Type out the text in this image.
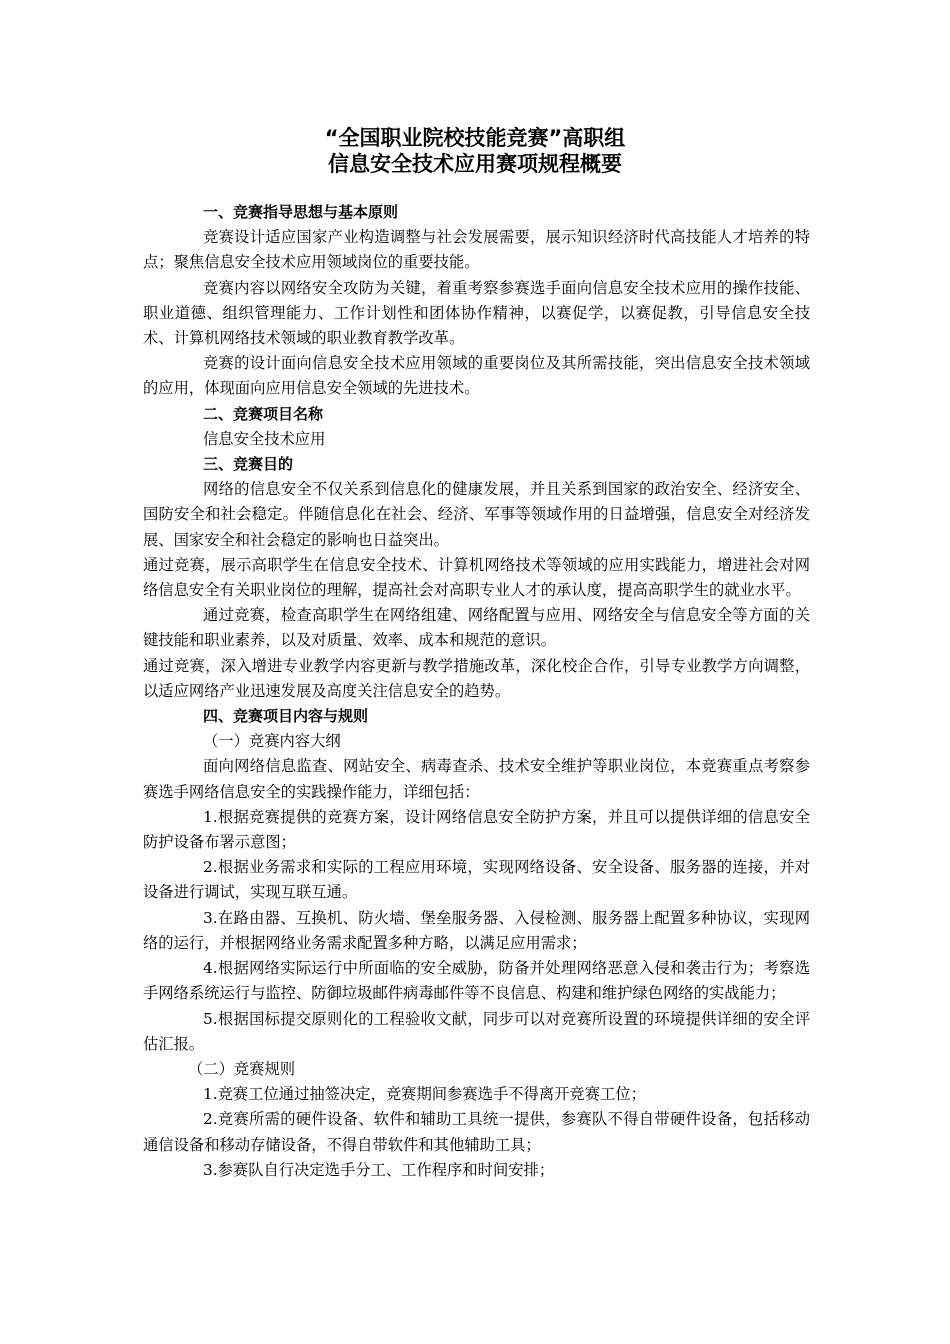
“全国职业院校技能竞赛”高职组
信息安全技术应用赛项规程概要

一、竞赛指导思想与基本原则

竞赛设计适应国家产业构造调整与社会发展需要，展示知识经济时代高技能人才培养的特点；聚焦信息安全技术应用领域岗位的重要技能。

竞赛内容以网络安全攻防为关键，着重考察参赛选手面向信息安全技术应用的操作技能、职业道德、组织管理能力、工作计划性和团体协作精神，以赛促学，以赛促教，引导信息安全技术、计算机网络技术领域的职业教育教学改革。

竞赛的设计面向信息安全技术应用领域的重要岗位及其所需技能，突出信息安全技术领域的应用，体现面向应用信息安全领域的先进技术。

二、竞赛项目名称

信息安全技术应用

三、竞赛目的

网络的信息安全不仅关系到信息化的健康发展，并且关系到国家的政治安全、经济安全、国防安全和社会稳定。伴随信息化在社会、经济、军事等领域作用的日益增强，信息安全对经济发展、国家安全和社会稳定的影响也日益突出。

通过竞赛，展示高职学生在信息安全技术、计算机网络技术等领域的应用实践能力，增进社会对网络信息安全有关职业岗位的理解，提高社会对高职专业人才的承认度，提高高职学生的就业水平。

通过竞赛，检查高职学生在网络组建、网络配置与应用、网络安全与信息安全等方面的关键技能和职业素养，以及对质量、效率、成本和规范的意识。

通过竞赛，深入增进专业教学内容更新与教学措施改革，深化校企合作，引导专业教学方向调整，以适应网络产业迅速发展及高度关注信息安全的趋势。

四、竞赛项目内容与规则

（一）竞赛内容大纲

面向网络信息监查、网站安全、病毒查杀、技术安全维护等职业岗位，本竞赛重点考察参赛选手网络信息安全的实践操作能力，详细包括：

1.根据竞赛提供的竞赛方案，设计网络信息安全防护方案，并且可以提供详细的信息安全防护设备布署示意图；

2.根据业务需求和实际的工程应用环境，实现网络设备、安全设备、服务器的连接，并对设备进行调试，实现互联互通。

3.在路由器、互换机、防火墙、堡垒服务器、入侵检测、服务器上配置多种协议，实现网络的运行，并根据网络业务需求配置多种方略，以满足应用需求；

4.根据网络实际运行中所面临的安全威胁，防备并处理网络恶意入侵和袭击行为；考察选手网络系统运行与监控、防御垃圾邮件病毒邮件等不良信息、构建和维护绿色网络的实战能力；

5.根据国标提交原则化的工程验收文献，同步可以对竞赛所设置的环境提供详细的安全评估汇报。

（二）竞赛规则

1.竞赛工位通过抽签决定，竞赛期间参赛选手不得离开竞赛工位；

2.竞赛所需的硬件设备、软件和辅助工具统一提供，参赛队不得自带硬件设备，包括移动通信设备和移动存储设备，不得自带软件和其他辅助工具；

3.参赛队自行决定选手分工、工作程序和时间安排；
